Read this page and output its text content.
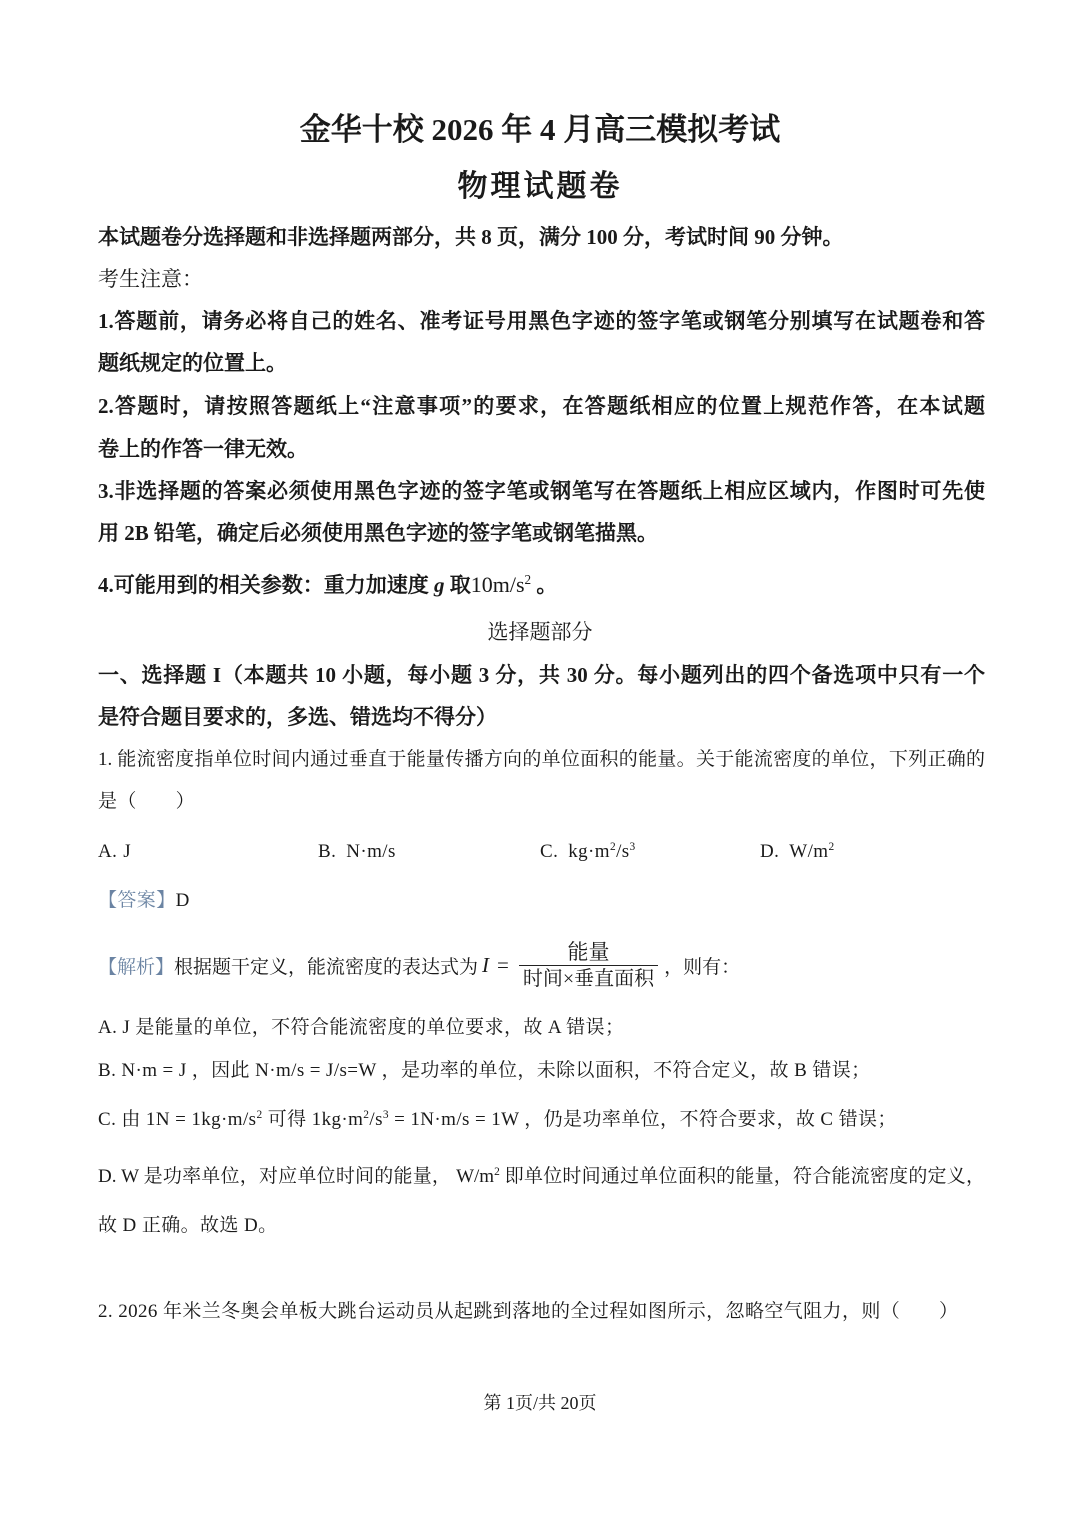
金华十校 2026 年 4 月高三模拟考试
物理试题卷
本试题卷分选择题和非选择题两部分，共 8 页，满分 100 分，考试时间 90 分钟。
考生注意：
1.答题前，请务必将自己的姓名、准考证号用黑色字迹的签字笔或钢笔分别填写在试题卷和答
题纸规定的位置上。
2.答题时，请按照答题纸上“注意事项”的要求，在答题纸相应的位置上规范作答，在本试题
卷上的作答一律无效。
3.非选择题的答案必须使用黑色字迹的签字笔或钢笔写在答题纸上相应区域内，作图时可先使
用 2B 铅笔，确定后必须使用黑色字迹的签字笔或钢笔描黑。
4.可能用到的相关参数：重力加速度 g 取$10m/s^2$ 。
选择题部分
一、选择题 I（本题共 10 小题，每小题 3 分，共 30 分。每小题列出的四个备选项中只有一个
是符合题目要求的，多选、错选均不得分）
1. 能流密度指单位时间内通过垂直于能量传播方向的单位面积的能量。关于能流密度的单位，下列正确的
是（　　）
A. J	B. N·m/s	C. $kg\cdot m^2/s^3$	D. $W/m^2$
【答案】D
【解析】 根据题干定义，能流密度的表达式为 $I = \frac{\text{能量}}{\text{时间×垂直面积}}$ ，则有：
A. J 是能量的单位，不符合能流密度的单位要求，故 A 错误；
B. N·m = J ，因此 N·m/s = J/s=W ，是功率的单位，未除以面积，不符合定义，故 B 错误；
C. 由 $1N = 1kg\cdot m/s^2$ 可得 $1kg\cdot m^2/s^3 = 1N\cdot m/s = 1W$ ，仍是功率单位，不符合要求，故 C 错误；
D. W 是功率单位，对应单位时间的能量， $W/m^2$ 即单位时间通过单位面积的能量，符合能流密度的定义，
故 D 正确。故选 D。
2. 2026 年米兰冬奥会单板大跳台运动员从起跳到落地的全过程如图所示，忽略空气阻力，则（　　）
第 1页/共 20页
